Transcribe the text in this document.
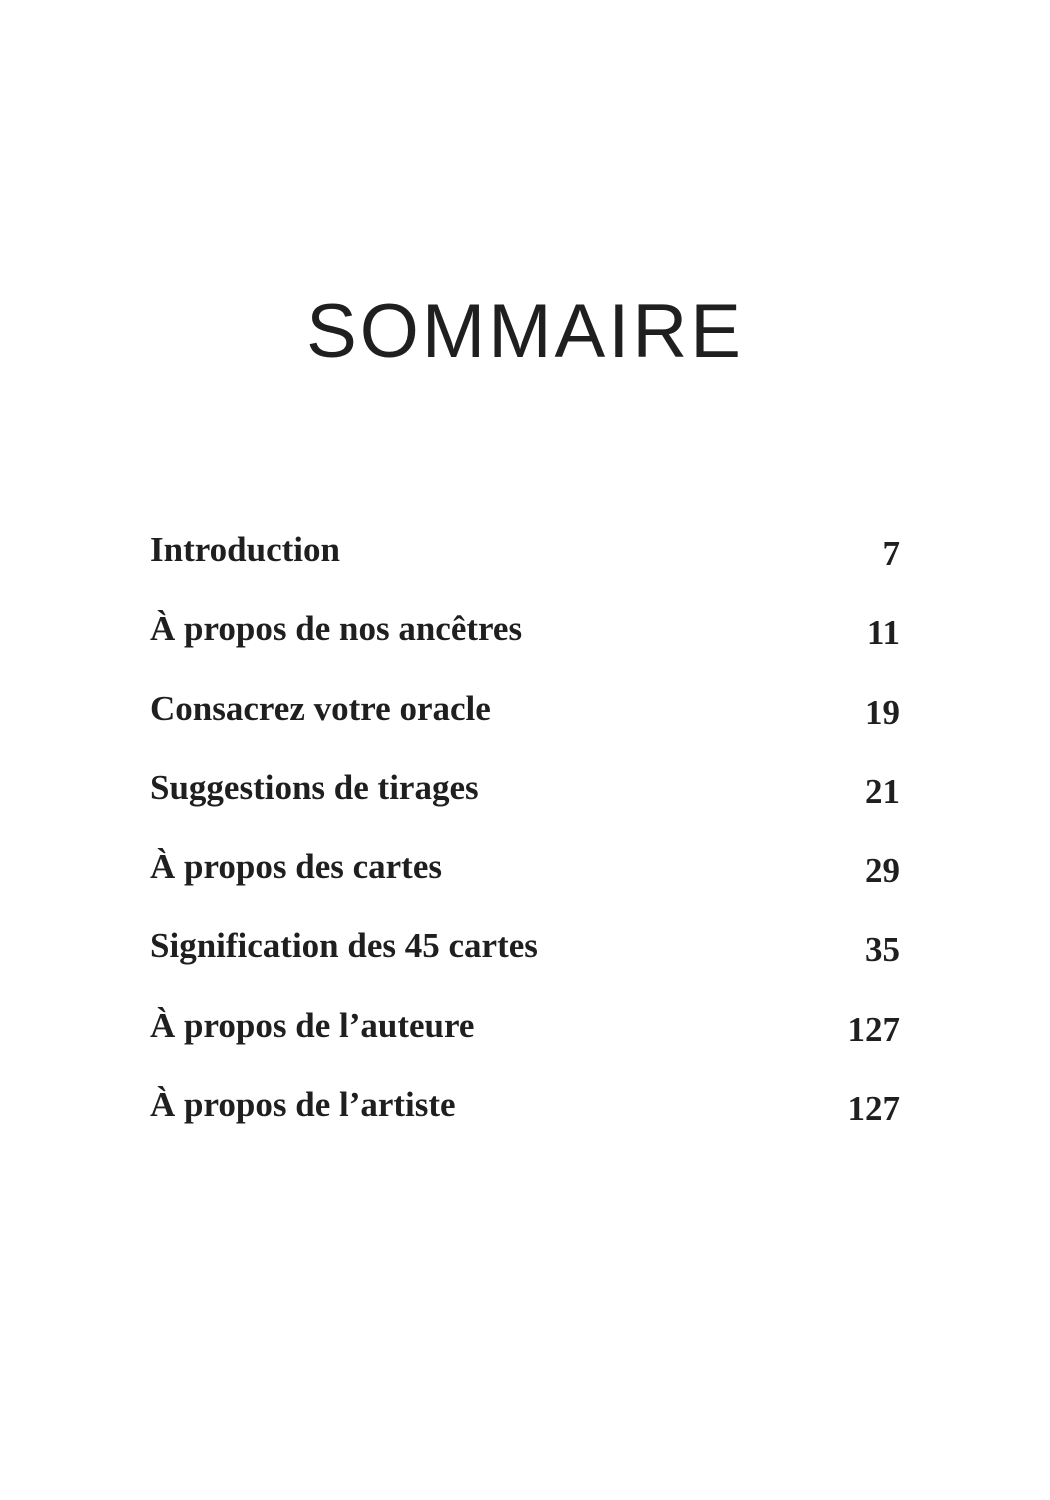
SOMMAIRE
Introduction	7
À propos de nos ancêtres	11
Consacrez votre oracle	19
Suggestions de tirages	21
À propos des cartes	29
Signification des 45 cartes	35
À propos de l’auteure	127
À propos de l’artiste	127
